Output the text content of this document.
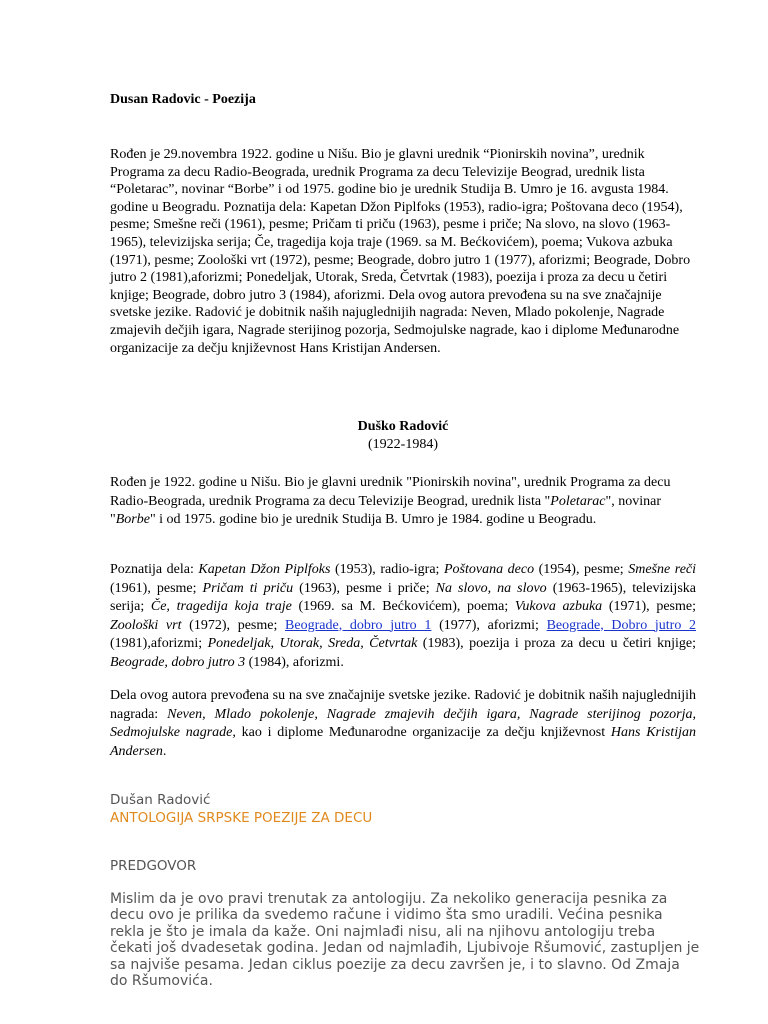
Dusan Radovic - Poezija
Rođen je 29.novembra 1922. godine u Nišu. Bio je glavni urednik “Pionirskih novina”, urednik Programa za decu Radio-Beograda, urednik Programa za decu Televizije Beograd, urednik lista “Poletarac”, novinar “Borbe” i od 1975. godine bio je urednik Studija B. Umro je 16. avgusta 1984. godine u Beogradu. Poznatija dela: Kapetan Džon Piplfoks (1953), radio-igra; Poštovana deco (1954), pesme; Smešne reči (1961), pesme; Pričam ti priču (1963), pesme i priče; Na slovo, na slovo (1963-1965), televizijska serija; Če, tragedija koja traje (1969. sa M. Bećkovićem), poema; Vukova azbuka (1971), pesme; Zoološki vrt (1972), pesme; Beograde, dobro jutro 1 (1977), aforizmi; Beograde, Dobro jutro 2 (1981),aforizmi; Ponedeljak, Utorak, Sreda, Četvrtak (1983), poezija i proza za decu u četiri knjige; Beograde, dobro jutro 3 (1984), aforizmi. Dela ovog autora prevođena su na sve značajnije svetske jezike. Radović je dobitnik naših najuglednijih nagrada: Neven, Mlado pokolenje, Nagrade zmajevih dečjih igara, Nagrade sterijinog pozorja, Sedmojulske nagrade, kao i diplome Međunarodne organizacije za dečju književnost Hans Kristijan Andersen.
Duško Radović
(1922-1984)
Rođen je 1922. godine u Nišu. Bio je glavni urednik "Pionirskih novina", urednik Programa za decu Radio-Beograda, urednik Programa za decu Televizije Beograd, urednik lista "Poletarac", novinar "Borbe" i od 1975. godine bio je urednik Studija B. Umro je 1984. godine u Beogradu.
Poznatija dela: Kapetan Džon Piplfoks (1953), radio-igra; Poštovana deco (1954), pesme; Smešne reči (1961), pesme; Pričam ti priču (1963), pesme i priče; Na slovo, na slovo (1963-1965), televizijska serija; Če, tragedija koja traje (1969. sa M. Bećkovićem), poema; Vukova azbuka (1971), pesme; Zoološki vrt (1972), pesme; Beograde, dobro jutro 1 (1977), aforizmi; Beograde, Dobro jutro 2 (1981),aforizmi; Ponedeljak, Utorak, Sreda, Četvrtak (1983), poezija i proza za decu u četiri knjige; Beograde, dobro jutro 3 (1984), aforizmi.
Dela ovog autora prevođena su na sve značajnije svetske jezike. Radović je dobitnik naših najuglednijih nagrada: Neven, Mlado pokolenje, Nagrade zmajevih dečjih igara, Nagrade sterijinog pozorja, Sedmojulske nagrade, kao i diplome Međunarodne organizacije za dečju književnost Hans Kristijan Andersen.
Dušan Radović
ANTOLOGIJA SRPSKE POEZIJE ZA DECU
PREDGOVOR
Mislim da je ovo pravi trenutak za antologiju. Za nekoliko generacija pesnika za decu ovo je prilika da svedemo račune i vidimo šta smo uradili. Većina pesnika rekla je što je imala da kaže. Oni najmlađi nisu, ali na njihovu antologiju treba čekati još dvadesetak godina. Jedan od najmlađih, Ljubivoje Ršumović, zastupljen je sa najviše pesama. Jedan ciklus poezije za decu završen je, i to slavno. Od Zmaja do Ršumovića.
